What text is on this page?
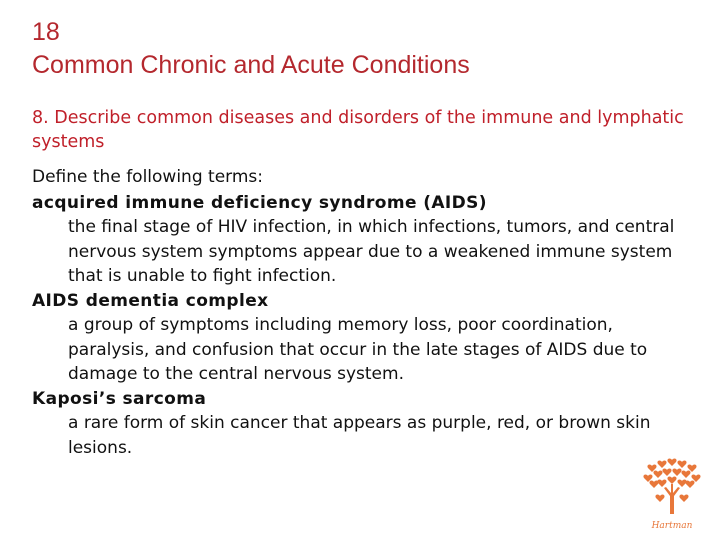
18
Common Chronic and Acute Conditions
8. Describe common diseases and disorders of the immune and lymphatic systems
Define the following terms:
acquired immune deficiency syndrome (AIDS)
the final stage of HIV infection, in which infections, tumors, and central nervous system symptoms appear due to a weakened immune system that is unable to fight infection.
AIDS dementia complex
a group of symptoms including memory loss, poor coordination, paralysis, and confusion that occur in the late stages of AIDS due to damage to the central nervous system.
Kaposi’s sarcoma
a rare form of skin cancer that appears as purple, red, or brown skin lesions.
Hartman
